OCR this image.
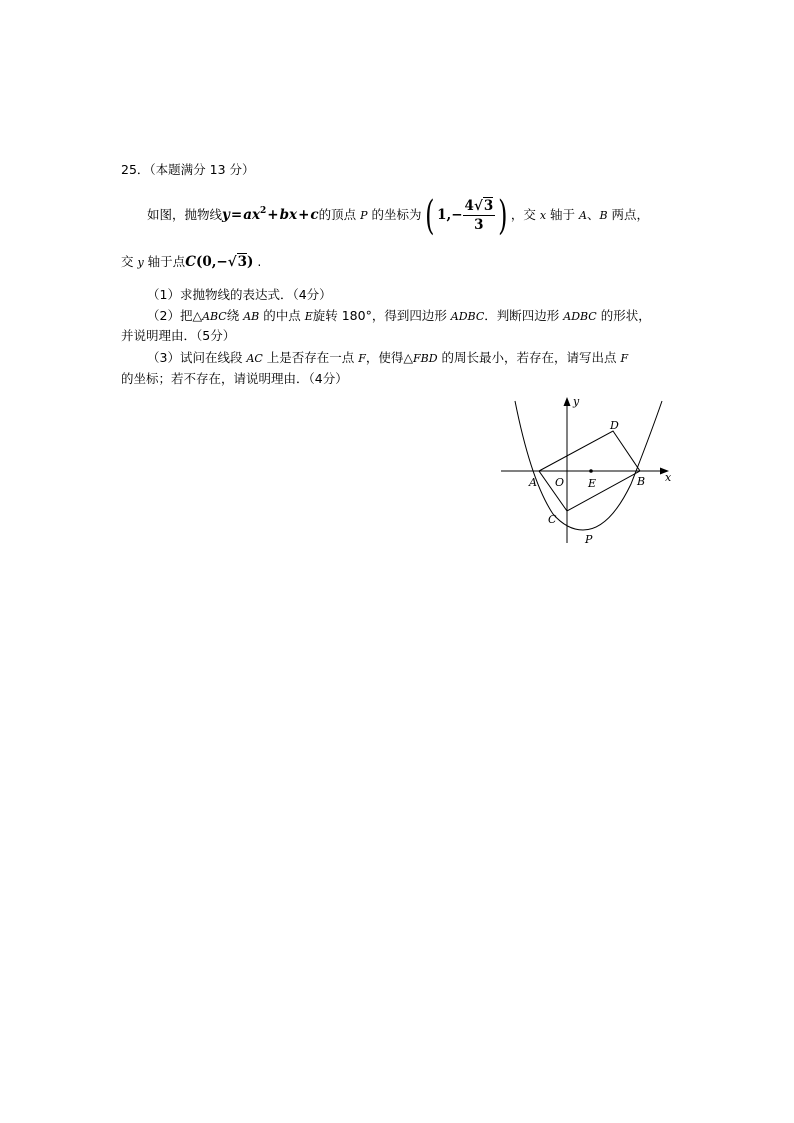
25．（本题满分 13 分）
如图，抛物线$y=ax^2+bx+c$的顶点 P 的坐标为( $1,- \frac{4√3}{3}$ ) ，交 x 轴于 A、B 两点，
交 y 轴于点C(0,−√3) .
（1）求抛物线的表达式．（4分）
（2）把△ABC绕 AB 的中点 E旋转 180°，得到四边形 ADBC．判断四边形 ADBC 的形状，
并说明理由．（5分）
（3）试问在线段 AC 上是否存在一点 F，使得△FBD 的周长最小，若存在，请写出点 F
的坐标；若不存在，请说明理由．（4分）
y
x
D
A O E	B
C
P
